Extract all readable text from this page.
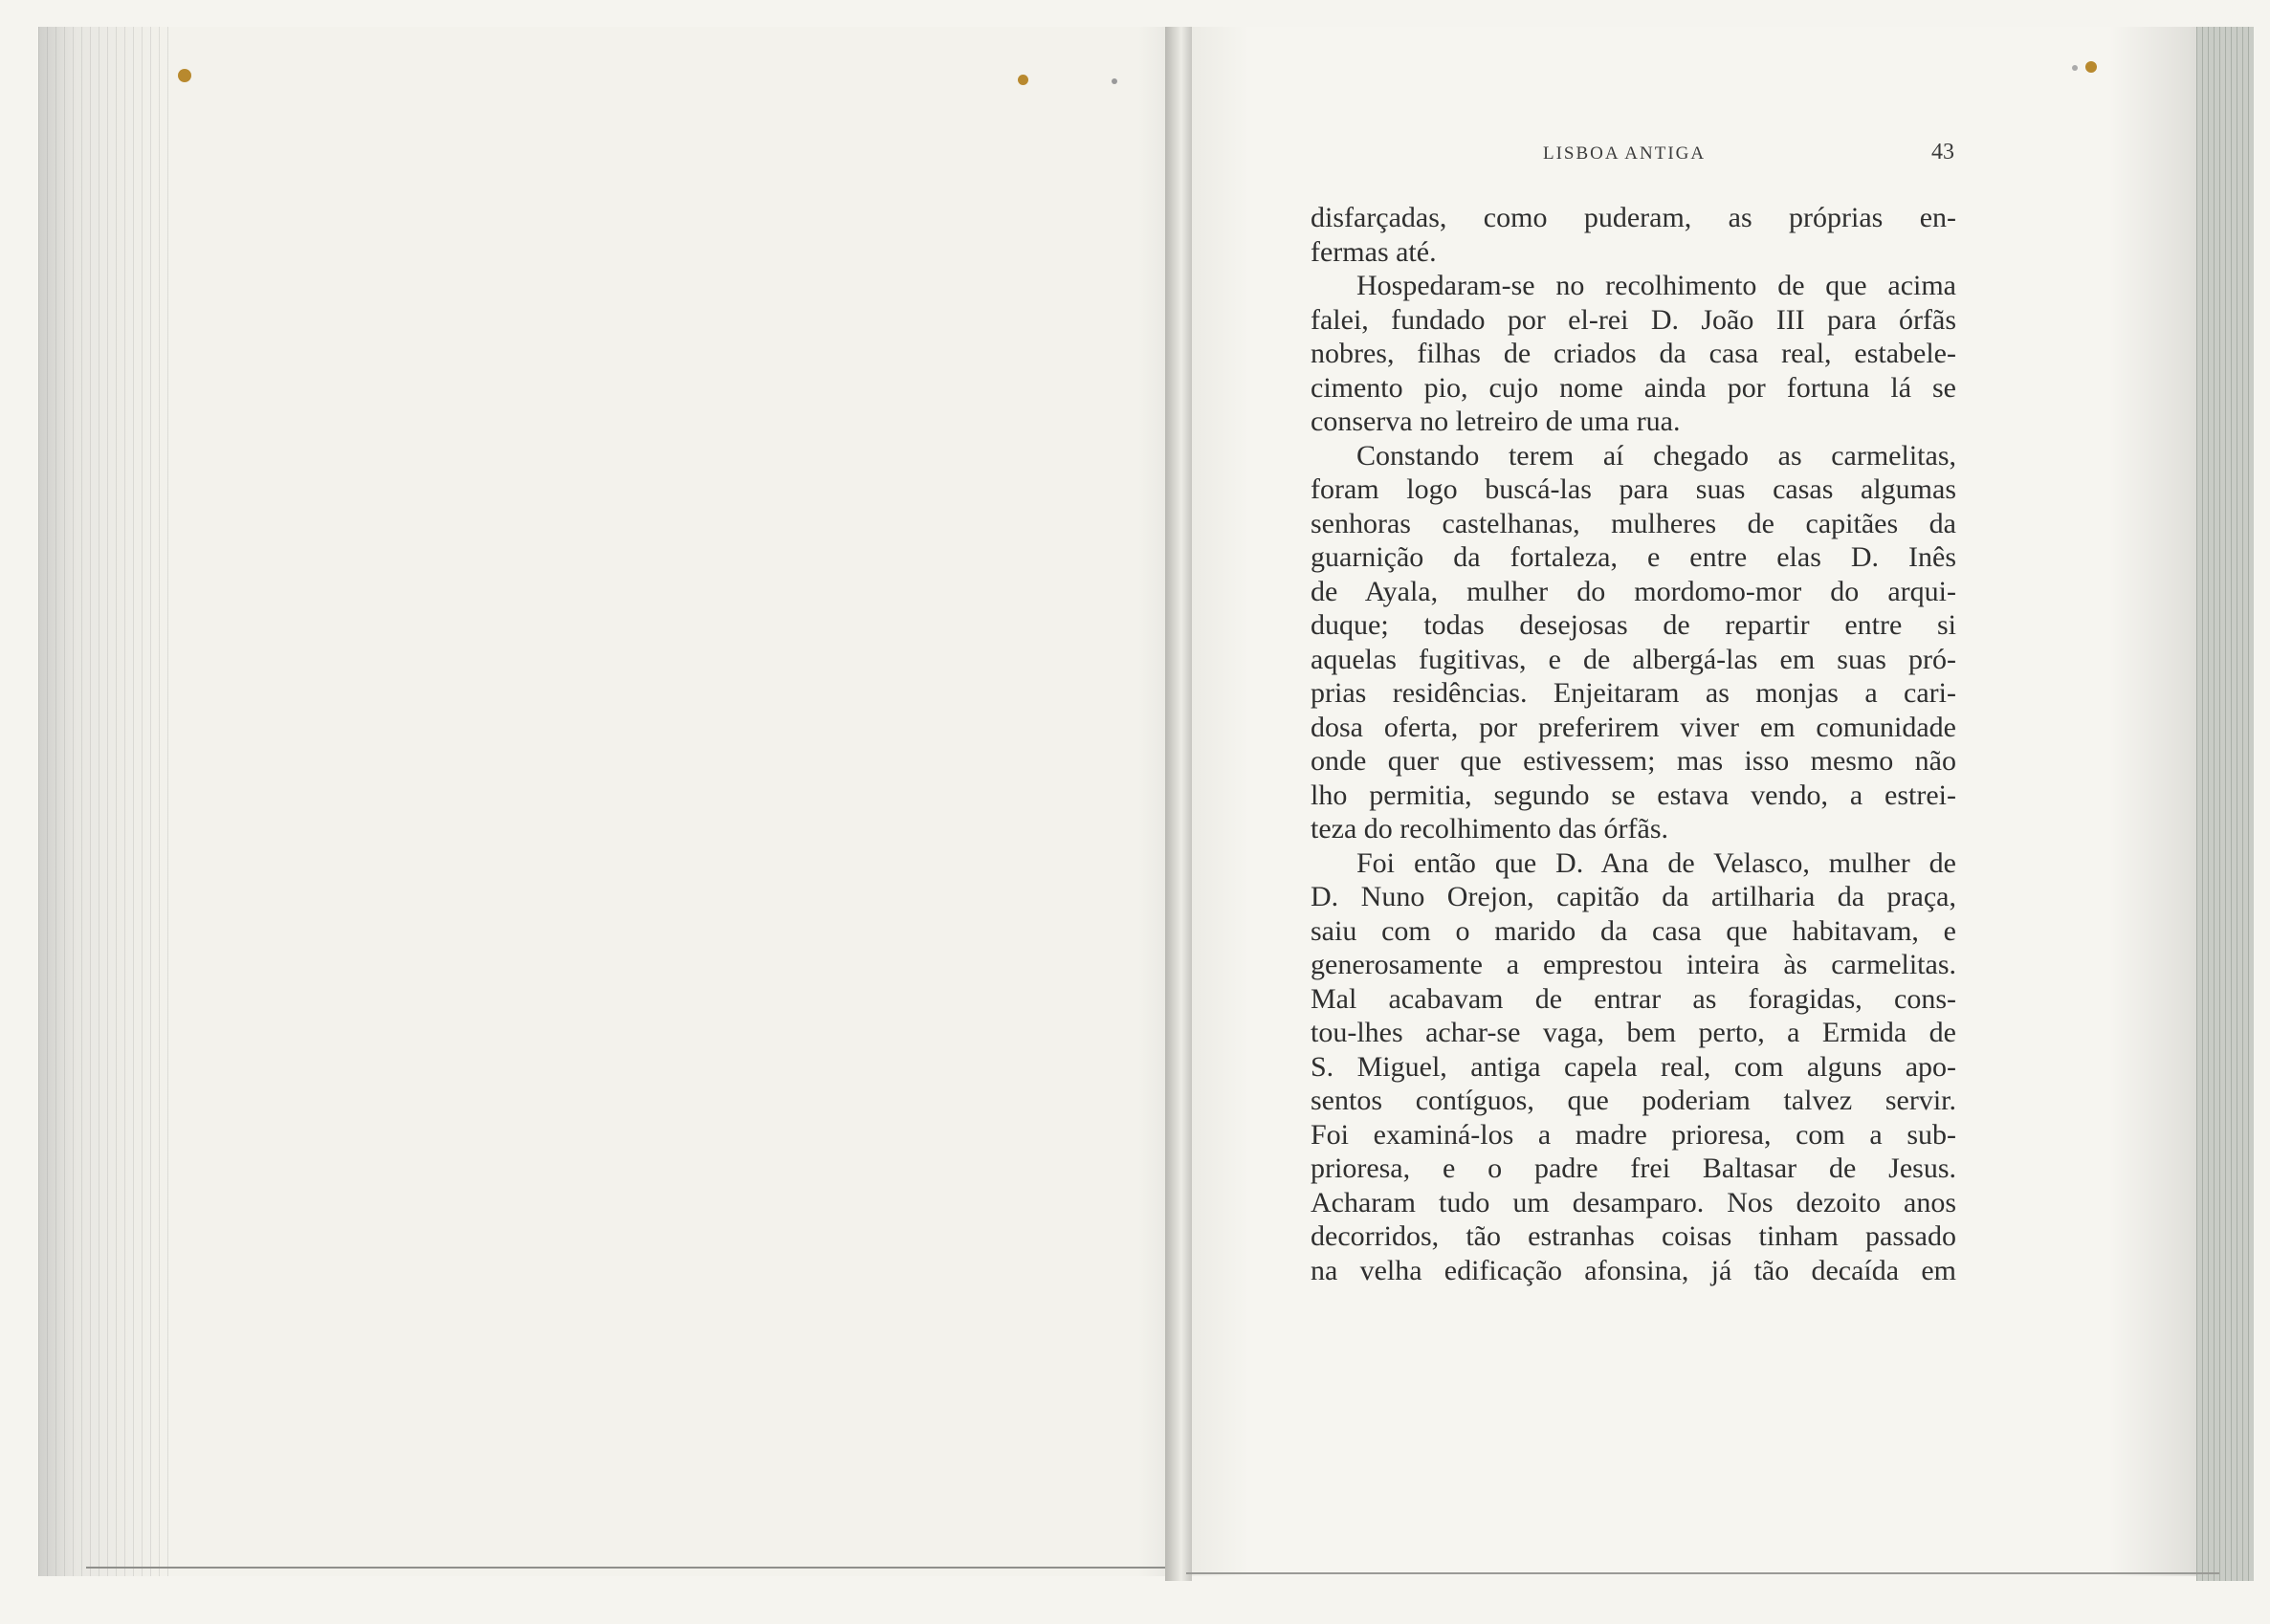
LISBOA ANTIGA	43
disfarçadas, como puderam, as próprias en-
fermas até.
Hospedaram-se no recolhimento de que acima
falei, fundado por el-rei D. João III para órfãs
nobres, filhas de criados da casa real, estabele-
cimento pio, cujo nome ainda por fortuna lá se
conserva no letreiro de uma rua.
Constando terem aí chegado as carmelitas,
foram logo buscá-las para suas casas algumas
senhoras castelhanas, mulheres de capitães da
guarnição da fortaleza, e entre elas D. Inês
de Ayala, mulher do mordomo-mor do arqui-
duque; todas desejosas de repartir entre si
aquelas fugitivas, e de albergá-las em suas pró-
prias residências. Enjeitaram as monjas a cari-
dosa oferta, por preferirem viver em comunidade
onde quer que estivessem; mas isso mesmo não
lho permitia, segundo se estava vendo, a estrei-
teza do recolhimento das órfãs.
Foi então que D. Ana de Velasco, mulher de
D. Nuno Orejon, capitão da artilharia da praça,
saiu com o marido da casa que habitavam, e
generosamente a emprestou inteira às carmelitas.
Mal acabavam de entrar as foragidas, cons-
tou-lhes achar-se vaga, bem perto, a Ermida de
S. Miguel, antiga capela real, com alguns apo-
sentos contíguos, que poderiam talvez servir.
Foi examiná-los a madre prioresa, com a sub-
prioresa, e o padre frei Baltasar de Jesus.
Acharam tudo um desamparo. Nos dezoito anos
decorridos, tão estranhas coisas tinham passado
na velha edificação afonsina, já tão decaída em
